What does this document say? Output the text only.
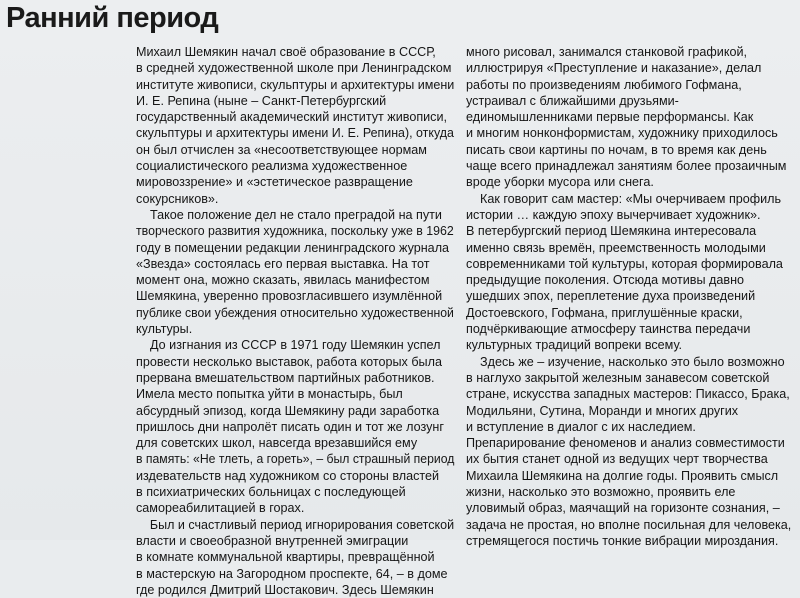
Ранний период
Михаил Шемякин начал своё образование в СССР,
в средней художественной школе при Ленинградском
институте живописи, скульптуры и архитектуры имени
И. Е. Репина (ныне – Санкт-Петербургский
государственный академический институт живописи,
скульптуры и архитектуры имени И. Е. Репина), откуда
он был отчислен за «несоответствующее нормам
социалистического реализма художественное
мировоззрение» и «эстетическое развращение
сокурсников».
Такое положение дел не стало преградой на пути
творческого развития художника, поскольку уже в 1962
году в помещении редакции ленинградского журнала
«Звезда» состоялась его первая выставка. На тот
момент она, можно сказать, явилась манифестом
Шемякина, уверенно провозгласившего изумлённой
публике свои убеждения относительно художественной
культуры.
До изгнания из СССР в 1971 году Шемякин успел
провести несколько выставок, работа которых была
прервана вмешательством партийных работников.
Имела место попытка уйти в монастырь, был
абсурдный эпизод, когда Шемякину ради заработка
пришлось дни напролёт писать один и тот же лозунг
для советских школ, навсегда врезавшийся ему
в память: «Не тлеть, а гореть», – был страшный период
издевательств над художником со стороны властей
в психиатрических больницах с последующей
самореабилитацией в горах.
Был и счастливый период игнорирования советской
власти и своеобразной внутренней эмиграции
в комнате коммунальной квартиры, превращённой
в мастерскую на Загородном проспекте, 64, – в доме
где родился Дмитрий Шостакович. Здесь Шемякин
много рисовал, занимался станковой графикой,
иллюстрируя «Преступление и наказание», делал
работы по произведениям любимого Гофмана,
устраивал с ближайшими друзьями-
единомышленниками первые перформансы. Как
и многим нонконформистам, художнику приходилось
писать свои картины по ночам, в то время как день
чаще всего принадлежал занятиям более прозаичным
вроде уборки мусора или снега.
Как говорит сам мастер: «Мы очерчиваем профиль
истории … каждую эпоху вычерчивает художник».
В петербургский период Шемякина интересовала
именно связь времён, преемственность молодыми
современниками той культуры, которая формировала
предыдущие поколения. Отсюда мотивы давно
ушедших эпох, переплетение духа произведений
Достоевского, Гофмана, приглушённые краски,
подчёркивающие атмосферу таинства передачи
культурных традиций вопреки всему.
Здесь же – изучение, насколько это было возможно
в наглухо закрытой железным занавесом советской
стране, искусства западных мастеров: Пикассо, Брака,
Модильяни, Сутина, Моранди и многих других
и вступление в диалог с их наследием.
Препарирование феноменов и анализ совместимости
их бытия станет одной из ведущих черт творчества
Михаила Шемякина на долгие годы. Проявить смысл
жизни, насколько это возможно, проявить еле
уловимый образ, маячащий на горизонте сознания, –
задача не простая, но вполне посильная для человека,
стремящегося постичь тонкие вибрации мироздания.
